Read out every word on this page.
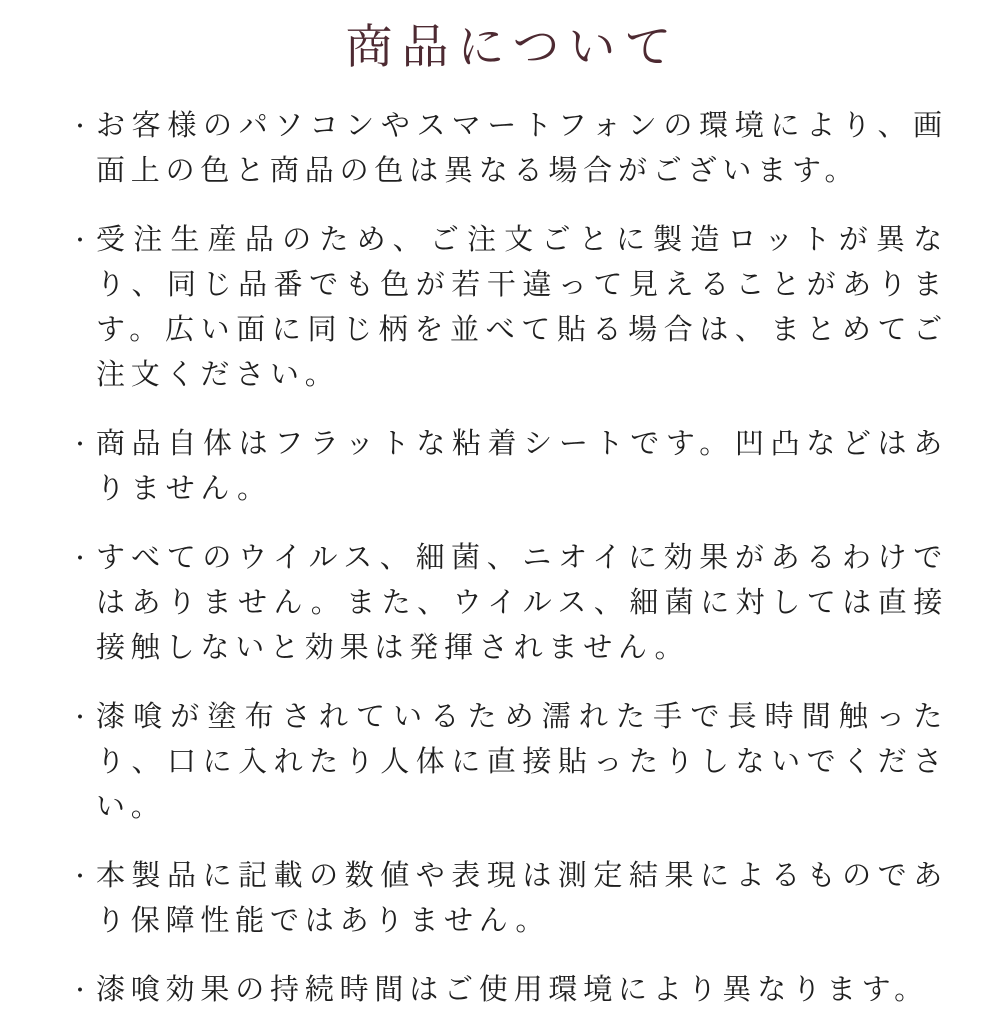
商品について
・ お客様のパソコンやスマートフォンの環境により、画面上の色と商品の色は異なる場合がございます。
・ 受注生産品のため、ご注文ごとに製造ロットが異なり、同じ品番でも色が若干違って見えることがあります。広い面に同じ柄を並べて貼る場合は、まとめてご注文ください。
・ 商品自体はフラットな粘着シートです。凹凸などはありません。
・ すべてのウイルス、細菌、ニオイに効果があるわけではありません。また、ウイルス、細菌に対しては直接接触しないと効果は発揮されません。
・ 漆喰が塗布されているため濡れた手で長時間触ったり、口に入れたり人体に直接貼ったりしないでください。
・ 本製品に記載の数値や表現は測定結果によるものであり保障性能ではありません。
・ 漆喰効果の持続時間はご使用環境により異なります。
